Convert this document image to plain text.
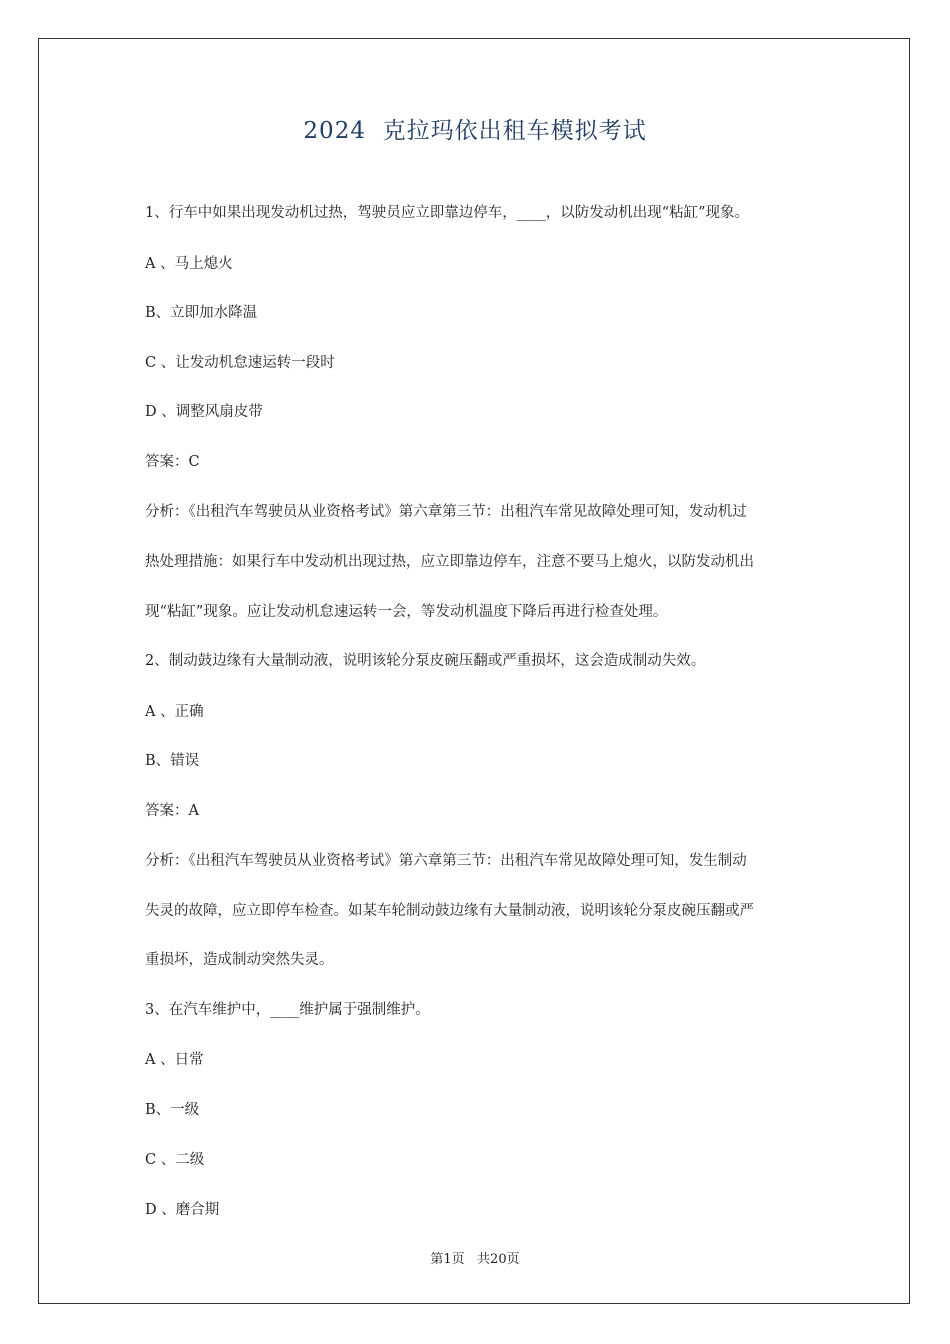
2024  克拉玛依出租车模拟考试
1、行车中如果出现发动机过热，驾驶员应立即靠边停车，____，以防发动机出现“粘缸”现象。
A 、马上熄火
B、立即加水降温
C 、让发动机怠速运转一段时
D 、调整风扇皮带
答案：C
分析：《出租汽车驾驶员从业资格考试》第六章第三节：出租汽车常见故障处理可知，发动机过
热处理措施：如果行车中发动机出现过热，应立即靠边停车，注意不要马上熄火，以防发动机出
现“粘缸”现象。应让发动机怠速运转一会，等发动机温度下降后再进行检查处理。
2、制动鼓边缘有大量制动液，说明该轮分泵皮碗压翻或严重损坏，这会造成制动失效。
A 、正确
B、错误
答案：A
分析：《出租汽车驾驶员从业资格考试》第六章第三节：出租汽车常见故障处理可知，发生制动
失灵的故障，应立即停车检查。如某车轮制动鼓边缘有大量制动液，说明该轮分泵皮碗压翻或严
重损坏，造成制动突然失灵。
3、在汽车维护中，____维护属于强制维护。
A 、日常
B、一级
C 、二级
D 、磨合期
第1页   共20页
